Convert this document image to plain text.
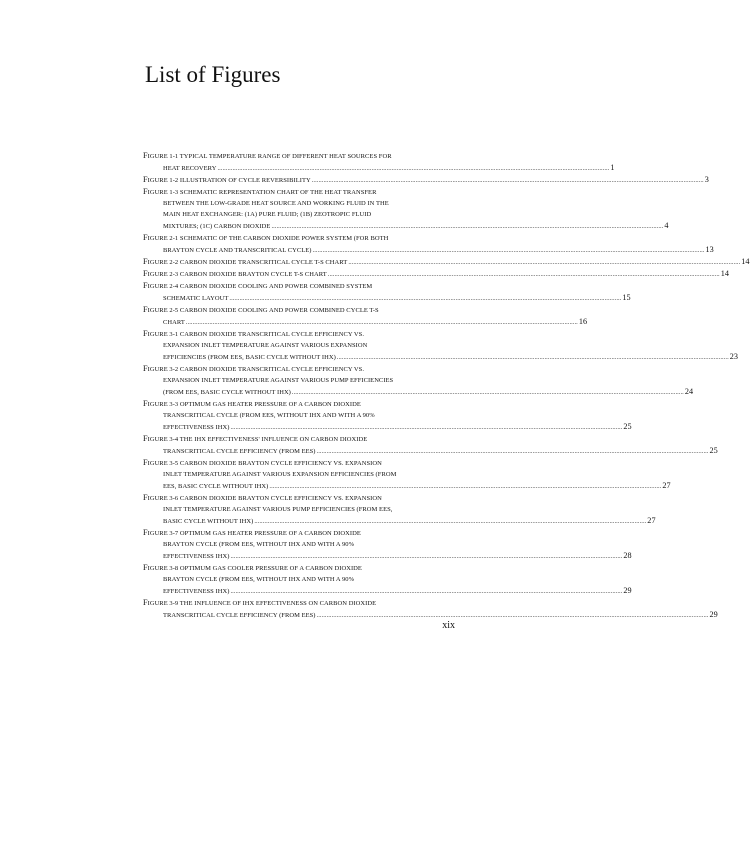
List of Figures
FIGURE 1-1 TYPICAL TEMPERATURE RANGE OF DIFFERENT HEAT SOURCES FOR
HEAT RECOVERY .....	1
FIGURE 1-2 ILLUSTRATION OF CYCLE REVERSIBILITY .....	3
FIGURE 1-3 SCHEMATIC REPRESENTATION CHART OF THE HEAT TRANSFER
BETWEEN THE LOW-GRADE HEAT SOURCE AND WORKING FLUID IN THE
MAIN HEAT EXCHANGER: (1A) PURE FLUID; (1B) ZEOTROPIC FLUID
MIXTURES; (1C) CARBON DIOXIDE .....	4
FIGURE 2-1 SCHEMATIC OF THE CARBON DIOXIDE POWER SYSTEM (FOR BOTH
BRAYTON CYCLE AND TRANSCRITICAL CYCLE) .....	13
FIGURE 2-2 CARBON DIOXIDE TRANSCRITICAL CYCLE T-S CHART .....	14
FIGURE 2-3 CARBON DIOXIDE BRAYTON CYCLE T-S CHART .....	14
FIGURE 2-4 CARBON DIOXIDE COOLING AND POWER COMBINED SYSTEM
SCHEMATIC LAYOUT .....	15
FIGURE 2-5 CARBON DIOXIDE COOLING AND POWER COMBINED CYCLE T-S
CHART .....	16
FIGURE 3-1 CARBON DIOXIDE TRANSCRITICAL CYCLE EFFICIENCY VS.
EXPANSION INLET TEMPERATURE AGAINST VARIOUS EXPANSION
EFFICIENCIES (FROM EES, BASIC CYCLE WITHOUT IHX) .....	23
FIGURE 3-2 CARBON DIOXIDE TRANSCRITICAL CYCLE EFFICIENCY VS.
EXPANSION INLET TEMPERATURE AGAINST VARIOUS PUMP EFFICIENCIES
(FROM EES, BASIC CYCLE WITHOUT IHX) .....	24
FIGURE 3-3 OPTIMUM GAS HEATER PRESSURE OF A CARBON DIOXIDE
TRANSCRITICAL CYCLE (FROM EES, WITHOUT IHX AND WITH A 90%
EFFECTIVENESS IHX) .....	25
FIGURE 3-4 THE IHX EFFECTIVENESS' INFLUENCE ON CARBON DIOXIDE
TRANSCRITICAL CYCLE EFFICIENCY (FROM EES) .....	25
FIGURE 3-5 CARBON DIOXIDE BRAYTON CYCLE EFFICIENCY VS. EXPANSION
INLET TEMPERATURE AGAINST VARIOUS EXPANSION EFFICIENCIES (FROM
EES, BASIC CYCLE WITHOUT IHX) .....	27
FIGURE 3-6 CARBON DIOXIDE BRAYTON CYCLE EFFICIENCY VS. EXPANSION
INLET TEMPERATURE AGAINST VARIOUS PUMP EFFICIENCIES (FROM EES,
BASIC CYCLE WITHOUT IHX) .....	27
FIGURE 3-7 OPTIMUM GAS HEATER PRESSURE OF A CARBON DIOXIDE
BRAYTON CYCLE (FROM EES, WITHOUT IHX AND WITH A 90%
EFFECTIVENESS IHX) .....	28
FIGURE 3-8 OPTIMUM GAS COOLER PRESSURE OF A CARBON DIOXIDE
BRAYTON CYCLE (FROM EES, WITHOUT IHX AND WITH A 90%
EFFECTIVENESS IHX) .....	29
FIGURE 3-9 THE INFLUENCE OF IHX EFFECTIVENESS ON CARBON DIOXIDE
TRANSCRITICAL CYCLE EFFICIENCY (FROM EES) .....	29
xix
